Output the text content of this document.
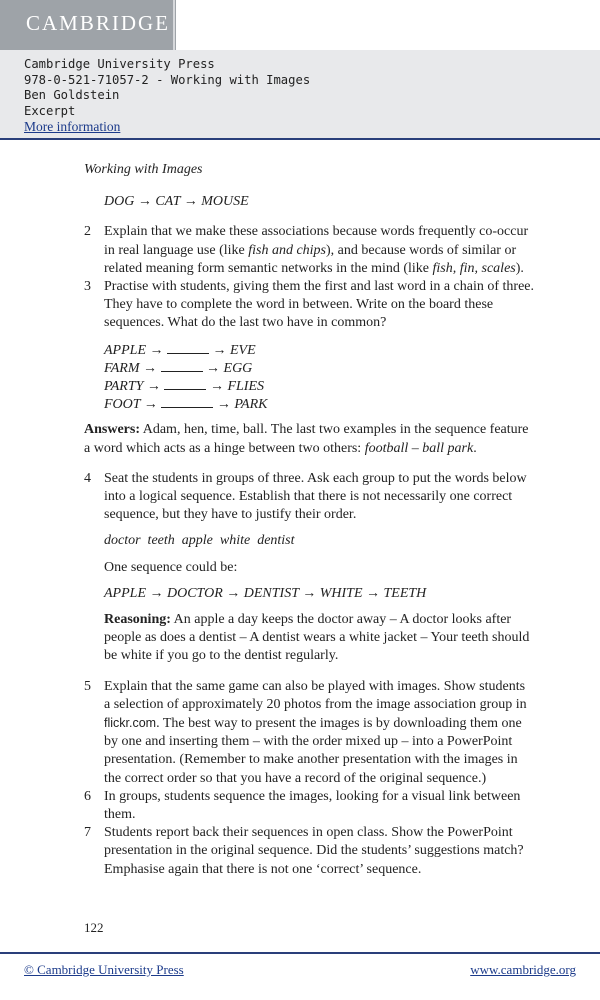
CAMBRIDGE
Cambridge University Press
978-0-521-71057-2 - Working with Images
Ben Goldstein
Excerpt
More information

Working with Images

DOG → CAT → MOUSE

2 Explain that we make these associations because words frequently co-occur in real language use (like fish and chips), and because words of similar or related meaning form semantic networks in the mind (like fish, fin, scales).
3 Practise with students, giving them the first and last word in a chain of three. They have to complete the word in between. Write on the board these sequences. What do the last two have in common?
APPLE →	→ EVE
FARM →	→ EGG
PARTY →	→ FLIES
FOOT →	→ PARK

Answers: Adam, hen, time, ball. The last two examples in the sequence feature a word which acts as a hinge between two others: football – ball park.

4 Seat the students in groups of three. Ask each group to put the words below into a logical sequence. Establish that there is not necessarily one correct sequence, but they have to justify their order.

doctor  teeth  apple  white  dentist

One sequence could be:

APPLE → DOCTOR → DENTIST → WHITE → TEETH

Reasoning: An apple a day keeps the doctor away – A doctor looks after people as does a dentist – A dentist wears a white jacket – Your teeth should be white if you go to the dentist regularly.

5 Explain that the same game can also be played with images. Show students a selection of approximately 20 photos from the image association group in flickr.com. The best way to present the images is by downloading them one by one and inserting them – with the order mixed up – into a PowerPoint presentation. (Remember to make another presentation with the images in the correct order so that you have a record of the original sequence.)
6 In groups, students sequence the images, looking for a visual link between them.
7 Students report back their sequences in open class. Show the PowerPoint presentation in the original sequence. Did the students’ suggestions match? Emphasise again that there is not one ‘correct’ sequence.
122
© Cambridge University Press	www.cambridge.org
